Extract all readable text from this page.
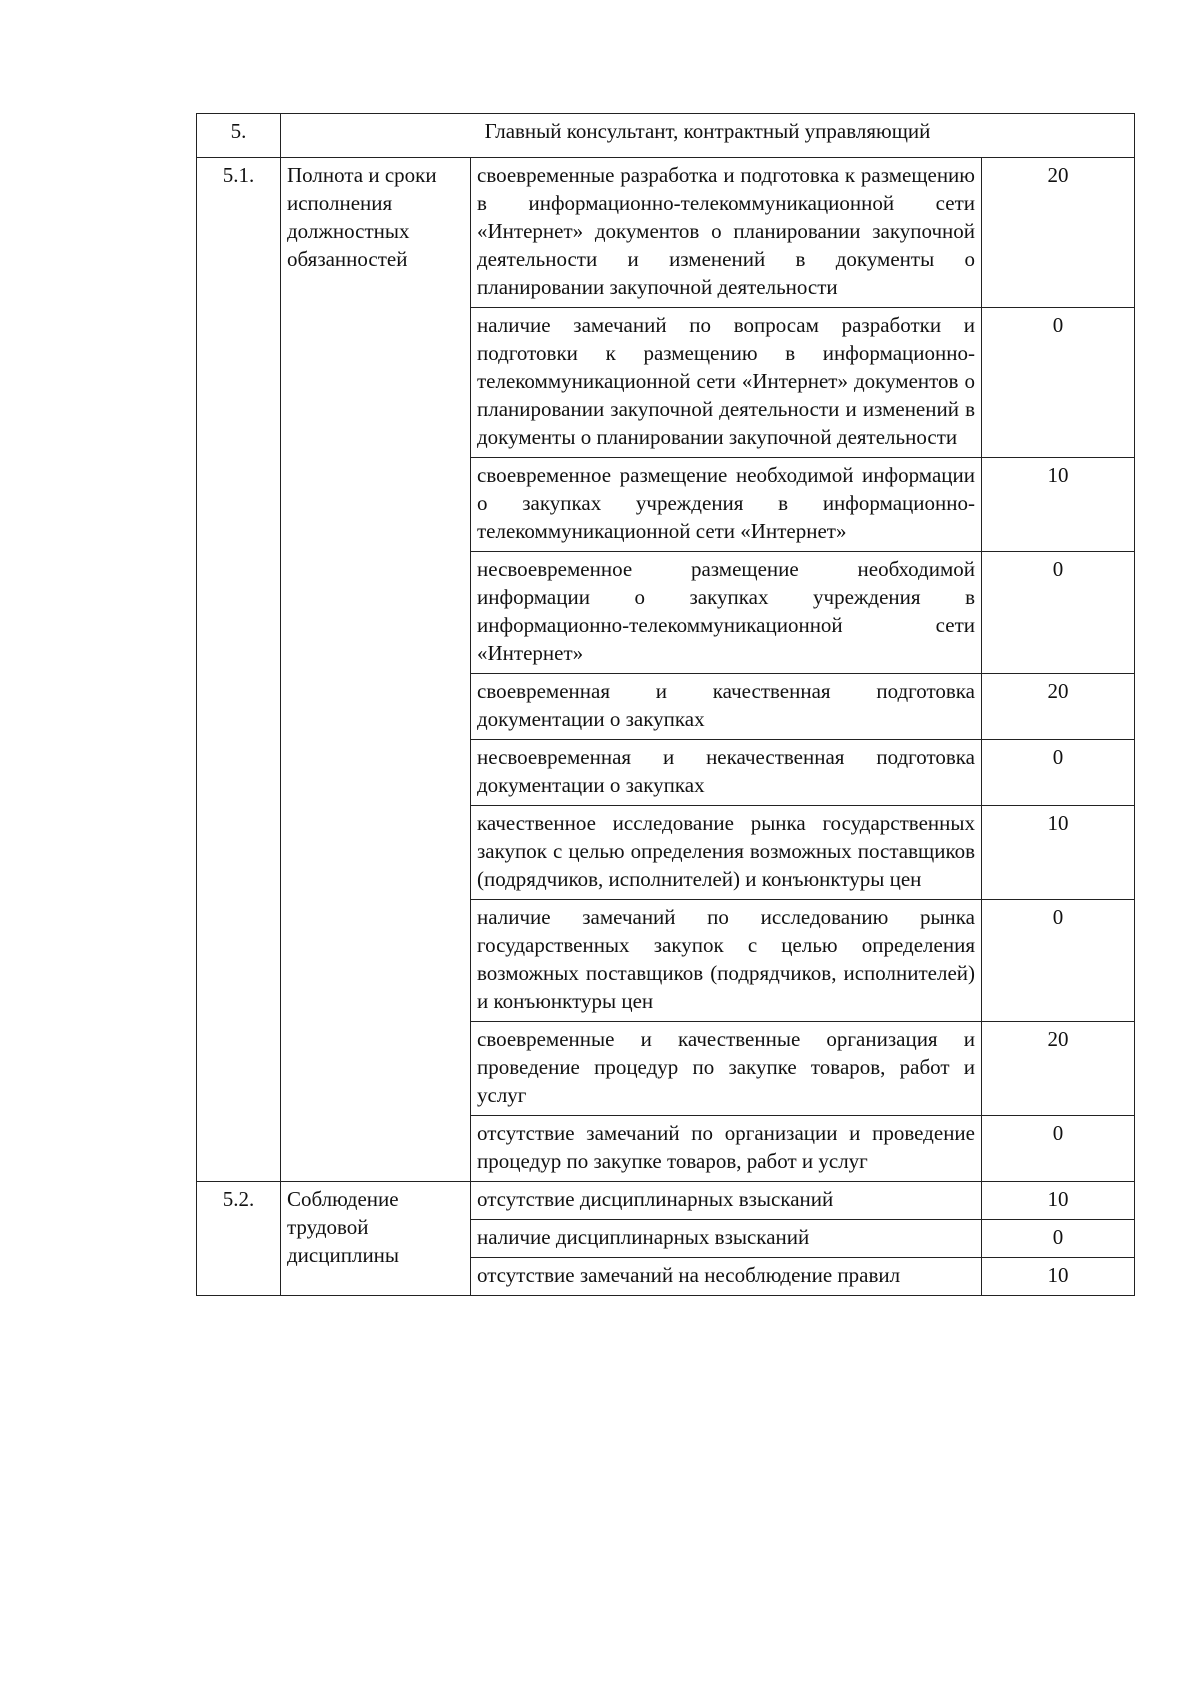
5.	Главный консультант, контрактный управляющий		
5.1.	Полнота и сроки исполнения должностных обязанностей	своевременные разработка и подготовка к размещению в информационно-телекоммуникационной сети «Интернет» документов о планировании закупочной деятельности и изменений в документы о планировании закупочной деятельности	20
		наличие замечаний по вопросам разработки и подготовки к размещению в информационно-телекоммуникационной сети «Интернет» документов о планировании закупочной деятельности и изменений в документы о планировании закупочной деятельности	0
		своевременное размещение необходимой информации о закупках учреждения в информационно-телекоммуникационной сети «Интернет»	10
		несвоевременное размещение необходимой информации о закупках учреждения в информационно-телекоммуникационной сети «Интернет»	0
		своевременная и качественная подготовка документации о закупках	20
		несвоевременная и некачественная подготовка документации о закупках	0
		качественное исследование рынка государственных закупок с целью определения возможных поставщиков (подрядчиков, исполнителей) и конъюнктуры цен	10
		наличие замечаний по исследованию рынка государственных закупок с целью определения возможных поставщиков (подрядчиков, исполнителей) и конъюнктуры цен	0
		своевременные и качественные организация и проведение процедур по закупке товаров, работ и услуг	20
		отсутствие замечаний по организации и проведение процедур по закупке товаров, работ и услуг	0
5.2.	Соблюдение трудовой дисциплины	отсутствие дисциплинарных взысканий	10
		наличие дисциплинарных взысканий	0
		отсутствие замечаний на несоблюдение правил	10
